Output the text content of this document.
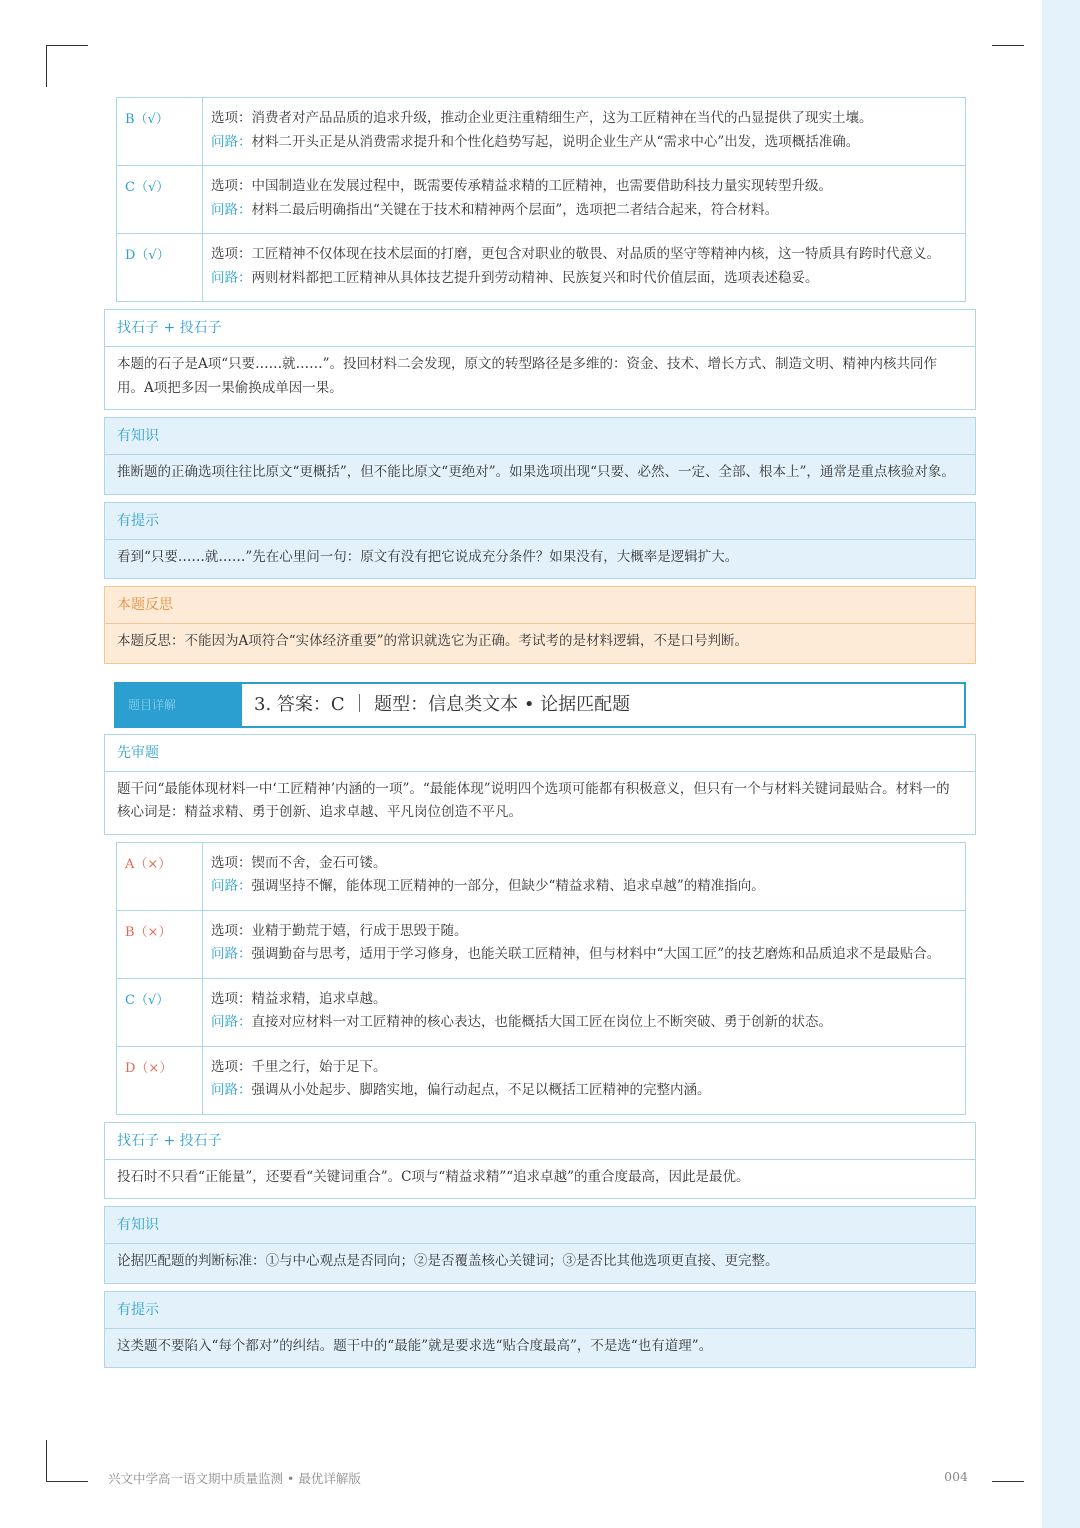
B（√）	选项：消费者对产品品质的追求升级，推动企业更注重精细生产，这为工匠精神在当代的凸显提供了现实土壤。
问路：材料二开头正是从消费需求提升和个性化趋势写起，说明企业生产从“需求中心”出发，选项概括准确。
C（√）	选项：中国制造业在发展过程中，既需要传承精益求精的工匠精神，也需要借助科技力量实现转型升级。
问路：材料二最后明确指出“关键在于技术和精神两个层面”，选项把二者结合起来，符合材料。
D（√）	选项：工匠精神不仅体现在技术层面的打磨，更包含对职业的敬畏、对品质的坚守等精神内核，这一特质具有跨时代意义。
问路：两则材料都把工匠精神从具体技艺提升到劳动精神、民族复兴和时代价值层面，选项表述稳妥。
找石子 + 投石子
本题的石子是A项“只要……就……”。投回材料二会发现，原文的转型路径是多维的：资金、技术、增长方式、制造文明、精神内核共同作用。A项把多因一果偷换成单因一果。
有知识
推断题的正确选项往往比原文“更概括”，但不能比原文“更绝对”。如果选项出现“只要、必然、一定、全部、根本上”，通常是重点核验对象。
有提示
看到“只要……就……”先在心里问一句：原文有没有把它说成充分条件？如果没有，大概率是逻辑扩大。
本题反思
本题反思：不能因为A项符合“实体经济重要”的常识就选它为正确。考试考的是材料逻辑，不是口号判断。
题目详解	3. 答案：C ｜ 题型：信息类文本 • 论据匹配题
先审题
题干问“最能体现材料一中‘工匠精神’内涵的一项”。“最能体现”说明四个选项可能都有积极意义，但只有一个与材料关键词最贴合。材料一的核心词是：精益求精、勇于创新、追求卓越、平凡岗位创造不平凡。
A（×）	选项：锲而不舍，金石可镂。
问路：强调坚持不懈，能体现工匠精神的一部分，但缺少“精益求精、追求卓越”的精准指向。
B（×）	选项：业精于勤荒于嬉，行成于思毁于随。
问路：强调勤奋与思考，适用于学习修身，也能关联工匠精神，但与材料中“大国工匠”的技艺磨炼和品质追求不是最贴合。
C（√）	选项：精益求精，追求卓越。
问路：直接对应材料一对工匠精神的核心表达，也能概括大国工匠在岗位上不断突破、勇于创新的状态。
D（×）	选项：千里之行，始于足下。
问路：强调从小处起步、脚踏实地，偏行动起点，不足以概括工匠精神的完整内涵。
找石子 + 投石子
投石时不只看“正能量”，还要看“关键词重合”。C项与“精益求精”“追求卓越”的重合度最高，因此是最优。
有知识
论据匹配题的判断标准：①与中心观点是否同向；②是否覆盖核心关键词；③是否比其他选项更直接、更完整。
有提示
这类题不要陷入“每个都对”的纠结。题干中的“最能”就是要求选“贴合度最高”，不是选“也有道理”。
兴文中学高一语文期中质量监测 • 最优详解版	004
